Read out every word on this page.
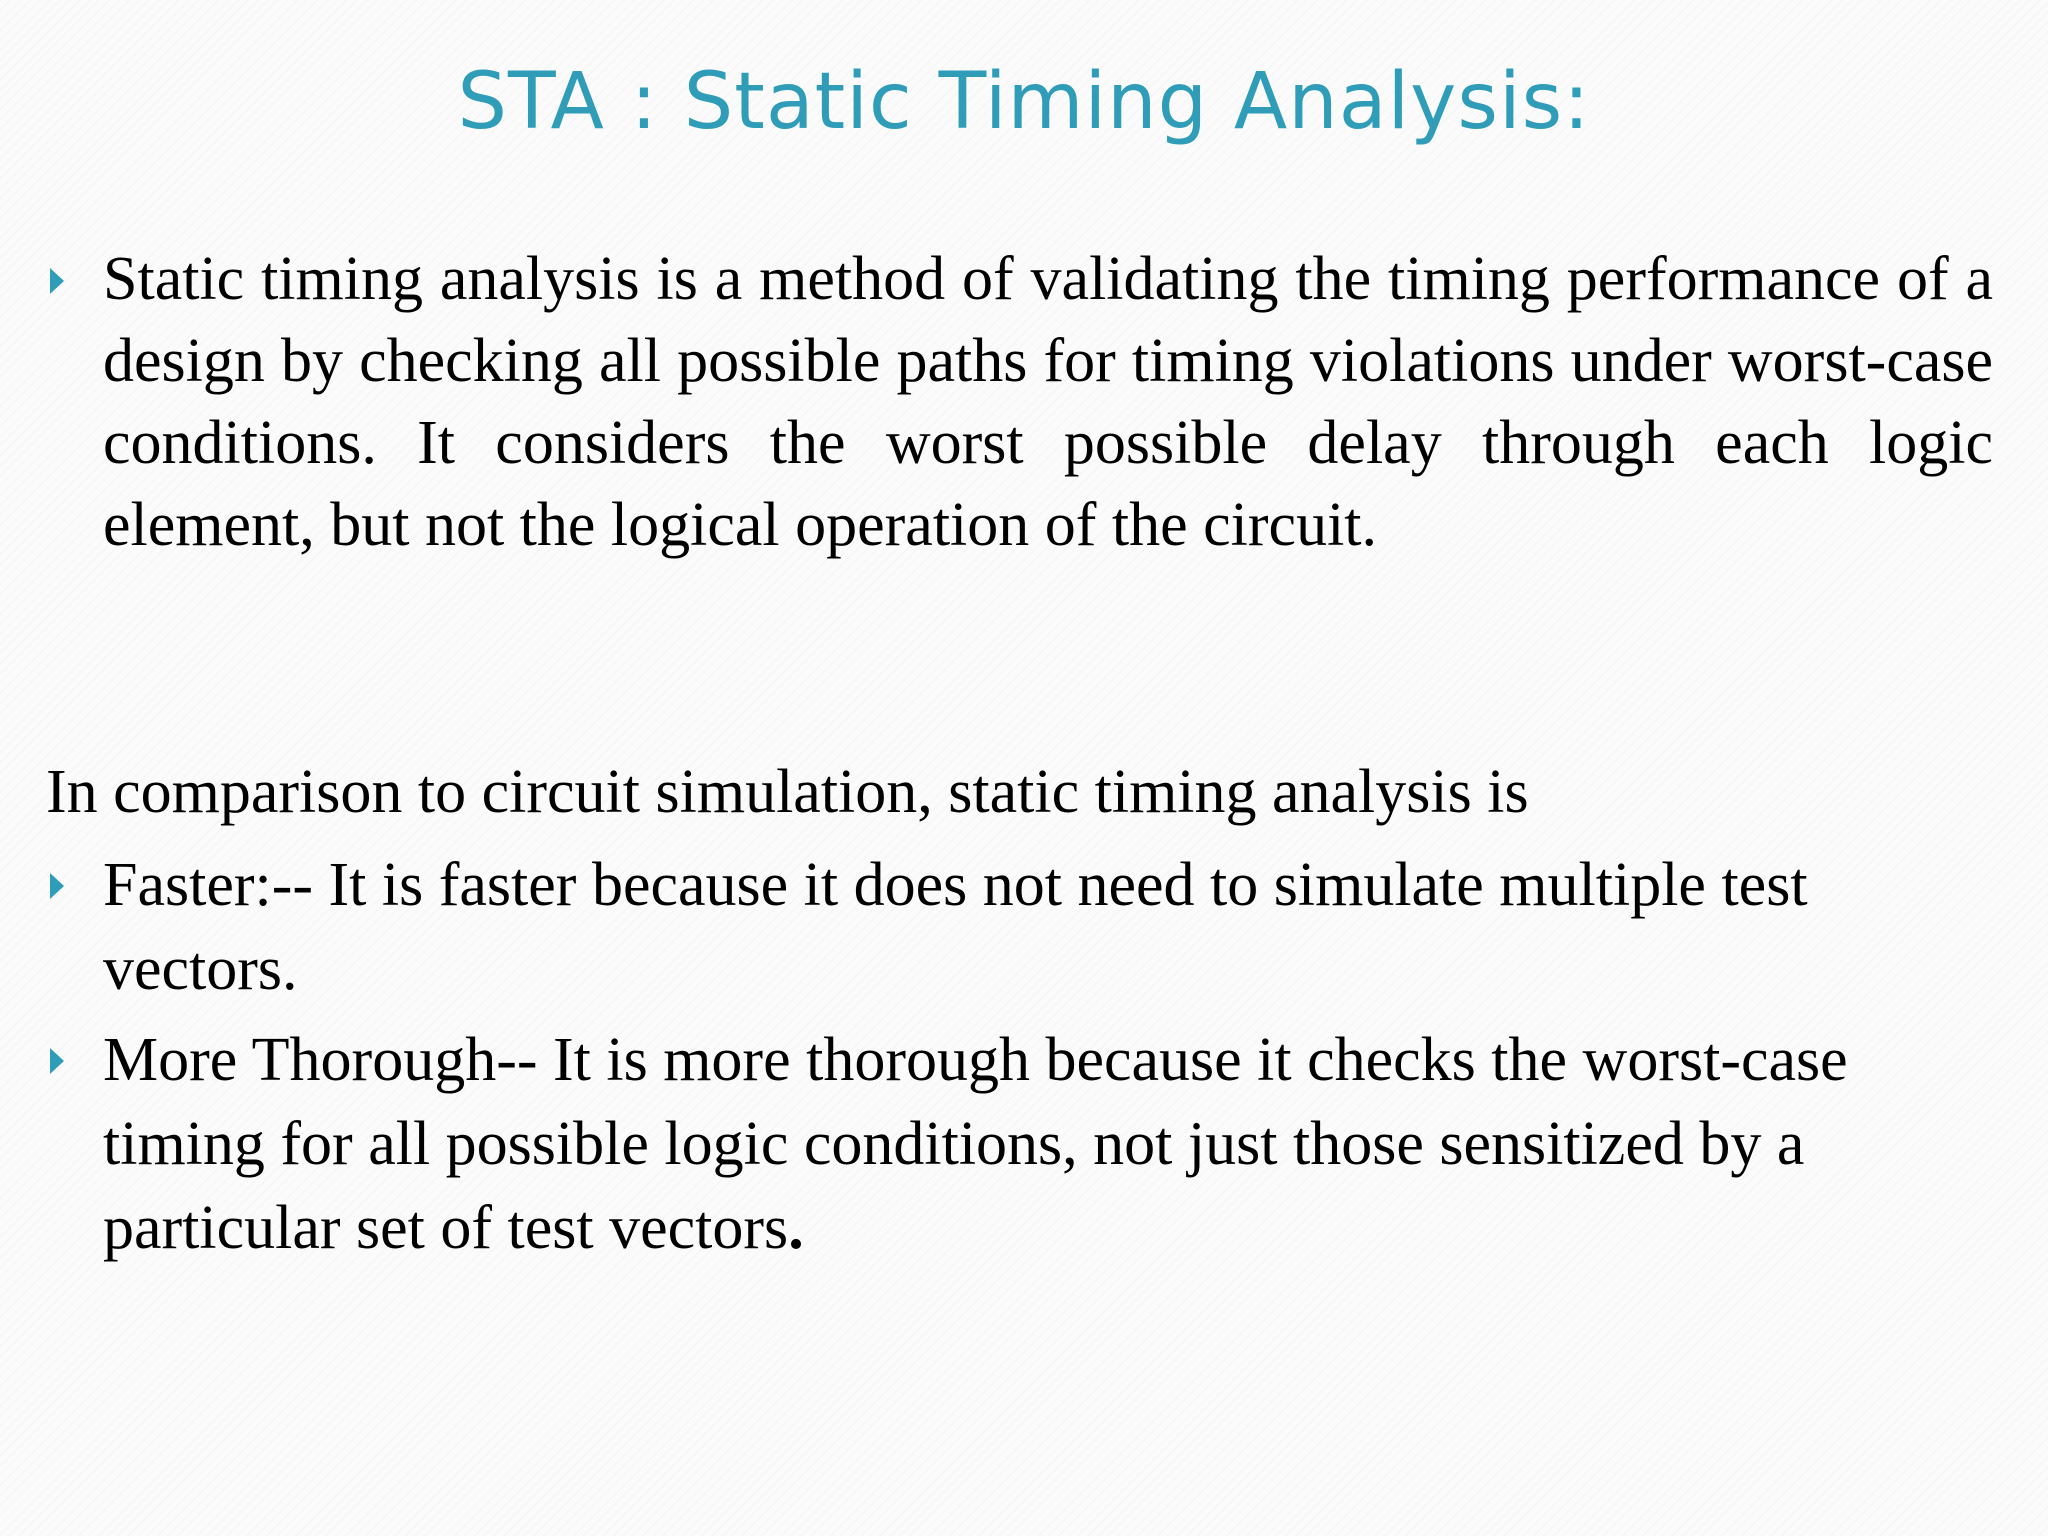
STA : Static Timing Analysis:

Static timing analysis is a method of validating the timing performance of a design by checking all possible paths for timing violations under worst-case conditions. It considers the worst possible delay through each logic element, but not the logical operation of the circuit.

In comparison to circuit simulation, static timing analysis is

Faster:-- It is faster because it does not need to simulate multiple test vectors.

More Thorough-- It is more thorough because it checks the worst-case timing for all possible logic conditions, not just those sensitized by a particular set of test vectors.
